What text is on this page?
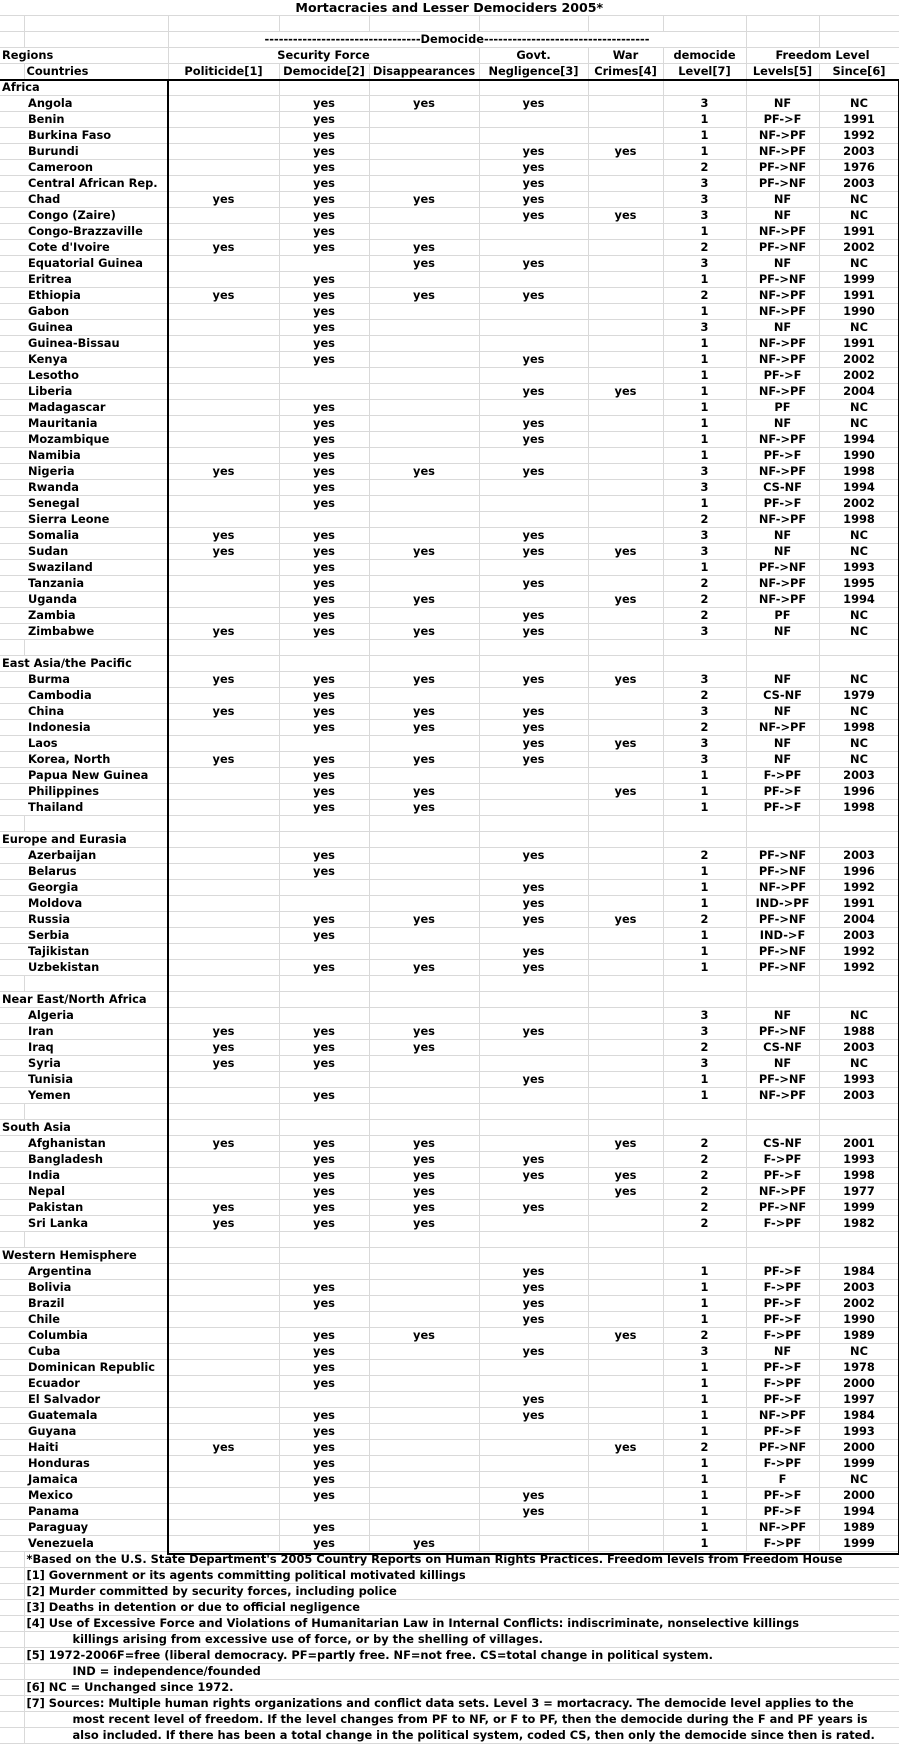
Mortacracies and Lesser Demociders 2005*									

		---------------------------------Democide-----------------------------------							
Regions		Security Force			Govt.	War	democide	Freedom Level	
	Countries	Politicide[1]	Democide[2]	Disappearances	Negligence[3]	Crimes[4]	Level[7]	Levels[5]	Since[6]
Africa									
Angola			yes	yes	yes		3	NF	NC
Benin			yes				1	PF->F	1991
Burkina Faso			yes				1	NF->PF	1992
Burundi			yes		yes	yes	1	NF->PF	2003
Cameroon			yes		yes		2	PF->NF	1976
Central African Rep.			yes		yes		3	PF->NF	2003
Chad		yes	yes	yes	yes		3	NF	NC
Congo (Zaire)			yes		yes	yes	3	NF	NC
Congo-Brazzaville			yes				1	NF->PF	1991
Cote d'Ivoire		yes	yes	yes			2	PF->NF	2002
Equatorial Guinea				yes	yes		3	NF	NC
Eritrea			yes				1	PF->NF	1999
Ethiopia		yes	yes	yes	yes		2	NF->PF	1991
Gabon			yes				1	NF->PF	1990
Guinea			yes				3	NF	NC
Guinea-Bissau			yes				1	NF->PF	1991
Kenya			yes		yes		1	NF->PF	2002
Lesotho							1	PF->F	2002
Liberia					yes	yes	1	NF->PF	2004
Madagascar			yes				1	PF	NC
Mauritania			yes		yes		1	NF	NC
Mozambique			yes		yes		1	NF->PF	1994
Namibia			yes				1	PF->F	1990
Nigeria		yes	yes	yes	yes		3	NF->PF	1998
Rwanda			yes				3	CS-NF	1994
Senegal			yes				1	PF->F	2002
Sierra Leone							2	NF->PF	1998
Somalia		yes	yes		yes		3	NF	NC
Sudan		yes	yes	yes	yes	yes	3	NF	NC
Swaziland			yes				1	PF->NF	1993
Tanzania			yes		yes		2	NF->PF	1995
Uganda			yes	yes		yes	2	NF->PF	1994
Zambia			yes		yes		2	PF	NC
Zimbabwe		yes	yes	yes	yes		3	NF	NC

East Asia/the Pacific									
Burma		yes	yes	yes	yes	yes	3	NF	NC
Cambodia			yes				2	CS-NF	1979
China		yes	yes	yes	yes		3	NF	NC
Indonesia			yes	yes	yes		2	NF->PF	1998
Laos					yes	yes	3	NF	NC
Korea, North		yes	yes	yes	yes		3	NF	NC
Papua New Guinea			yes				1	F->PF	2003
Philippines			yes	yes		yes	1	PF->F	1996
Thailand			yes	yes			1	PF->F	1998

Europe and Eurasia									
Azerbaijan			yes		yes		2	PF->NF	2003
Belarus			yes				1	PF->NF	1996
Georgia					yes		1	NF->PF	1992
Moldova					yes		1	IND->PF	1991
Russia			yes	yes	yes	yes	2	PF->NF	2004
Serbia			yes				1	IND->F	2003
Tajikistan					yes		1	PF->NF	1992
Uzbekistan			yes	yes	yes		1	PF->NF	1992

Near East/North Africa									
Algeria							3	NF	NC
Iran		yes	yes	yes	yes		3	PF->NF	1988
Iraq		yes	yes	yes			2	CS-NF	2003
Syria		yes	yes				3	NF	NC
Tunisia					yes		1	PF->NF	1993
Yemen			yes				1	NF->PF	2003

South Asia									
Afghanistan		yes	yes	yes		yes	2	CS-NF	2001
Bangladesh			yes	yes	yes		2	F->PF	1993
India			yes	yes	yes	yes	2	PF->F	1998
Nepal			yes	yes		yes	2	NF->PF	1977
Pakistan		yes	yes	yes	yes		2	PF->NF	1999
Sri Lanka		yes	yes	yes			2	F->PF	1982

Western Hemisphere									
Argentina					yes		1	PF->F	1984
Bolivia			yes		yes		1	F->PF	2003
Brazil			yes		yes		1	PF->F	2002
Chile					yes		1	PF->F	1990
Columbia			yes	yes		yes	2	F->PF	1989
Cuba			yes		yes		3	NF	NC
Dominican Republic			yes				1	PF->F	1978
Ecuador			yes				1	F->PF	2000
El Salvador					yes		1	PF->F	1997
Guatemala			yes		yes		1	NF->PF	1984
Guyana			yes				1	PF->F	1993
Haiti		yes	yes			yes	2	PF->NF	2000
Honduras			yes				1	F->PF	1999
Jamaica			yes				1	F	NC
Mexico			yes		yes		1	PF->F	2000
Panama					yes		1	PF->F	1994
Paraguay			yes				1	NF->PF	1989
Venezuela			yes	yes			1	F->PF	1999
	*Based on the U.S. State Department's 2005 Country Reports on Human Rights Practices. Freedom levels from Freedom House								
	[1] Government or its agents committing political motivated killings								
	[2] Murder committed by security forces, including police								
	[3] Deaths in detention or due to official negligence								
	[4] Use of Excessive Force and Violations of Humanitarian Law in Internal Conflicts: indiscriminate, nonselective killings								
	killings arising from excessive use of force, or by the shelling of villages.								
	[5] 1972-2006F=free (liberal democracy. PF=partly free. NF=not free. CS=total change in political system.								
	IND = independence/founded								
	[6] NC = Unchanged since 1972.								
	[7] Sources: Multiple human rights organizations and conflict data sets. Level 3 = mortacracy. The democide level applies to the								
	most recent level of freedom. If the level changes from PF to NF, or F to PF, then the democide during the F and PF years is								
	also included. If there has been a total change in the political system, coded CS, then only the democide since then is rated.								
